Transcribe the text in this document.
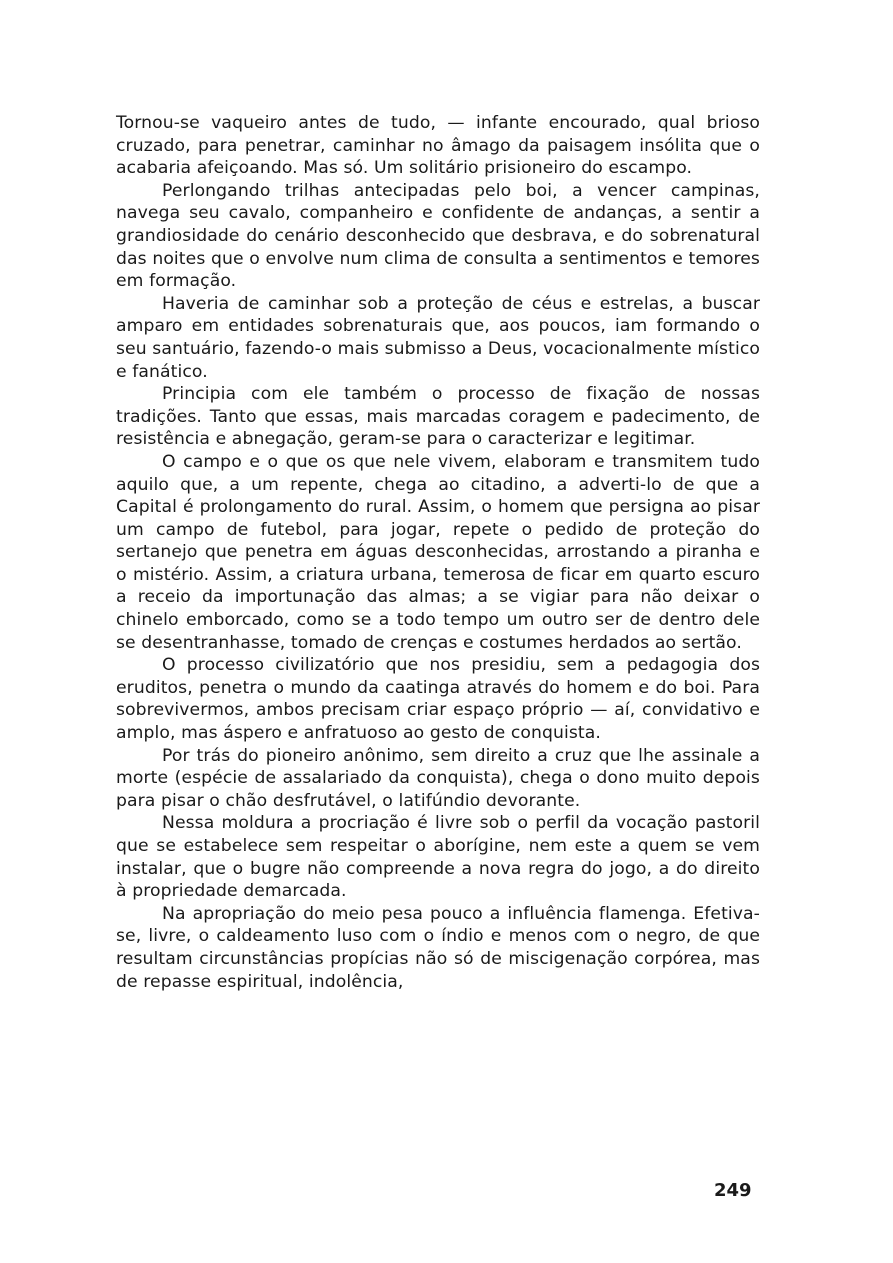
Tornou-se vaqueiro antes de tudo, — infante encourado, qual brioso cruzado, para penetrar, caminhar no âmago da paisagem insólita que o acabaria afeiçoando. Mas só. Um solitário prisioneiro do escampo.

Perlongando trilhas antecipadas pelo boi, a vencer campinas, navega seu cavalo, companheiro e confidente de andanças, a sentir a grandiosidade do cenário desconhecido que desbrava, e do sobrenatural das noites que o envolve num clima de consulta a sentimentos e temores em formação.

Haveria de caminhar sob a proteção de céus e estrelas, a buscar amparo em entidades sobrenaturais que, aos poucos, iam formando o seu santuário, fazendo-o mais submisso a Deus, vocacionalmente místico e fanático.

Principia com ele também o processo de fixação de nossas tradições. Tanto que essas, mais marcadas coragem e padecimento, de resistência e abnegação, geram-se para o caracterizar e legitimar.

O campo e o que os que nele vivem, elaboram e transmitem tudo aquilo que, a um repente, chega ao citadino, a adverti-lo de que a Capital é prolongamento do rural. Assim, o homem que persigna ao pisar um campo de futebol, para jogar, repete o pedido de proteção do sertanejo que penetra em águas desconhecidas, arrostando a piranha e o mistério. Assim, a criatura urbana, temerosa de ficar em quarto escuro a receio da importunação das almas; a se vigiar para não deixar o chinelo emborcado, como se a todo tempo um outro ser de dentro dele se desentranhasse, tomado de crenças e costumes herdados ao sertão.

O processo civilizatório que nos presidiu, sem a pedagogia dos eruditos, penetra o mundo da caatinga através do homem e do boi. Para sobrevivermos, ambos precisam criar espaço próprio — aí, convidativo e amplo, mas áspero e anfratuoso ao gesto de conquista.

Por trás do pioneiro anônimo, sem direito a cruz que lhe assinale a morte (espécie de assalariado da conquista), chega o dono muito depois para pisar o chão desfrutável, o latifúndio devorante.

Nessa moldura a procriação é livre sob o perfil da vocação pastoril que se estabelece sem respeitar o aborígine, nem este a quem se vem instalar, que o bugre não compreende a nova regra do jogo, a do direito à propriedade demarcada.

Na apropriação do meio pesa pouco a influência flamenga. Efetiva-se, livre, o caldeamento luso com o índio e menos com o negro, de que resultam circunstâncias propícias não só de miscigenação corpórea, mas de repasse espiritual, indolência,

249
